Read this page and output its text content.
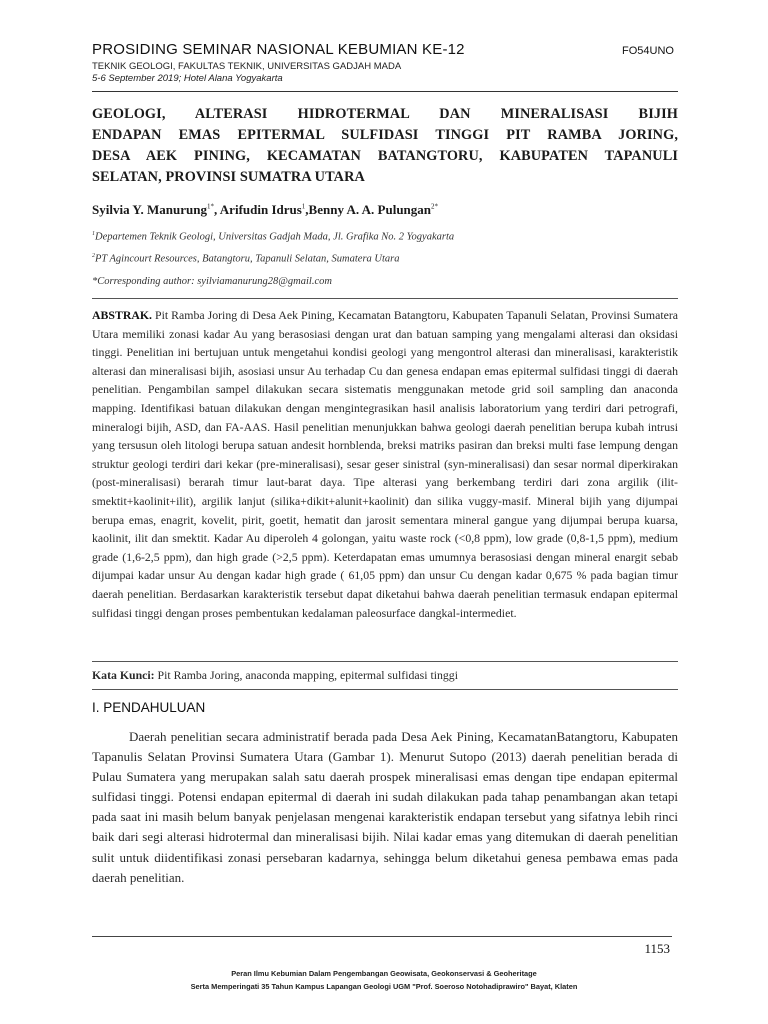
PROSIDING SEMINAR NASIONAL KEBUMIAN KE-12	FO54UNO
TEKNIK GEOLOGI, FAKULTAS TEKNIK, UNIVERSITAS GADJAH MADA
5-6 September 2019; Hotel Alana Yogyakarta
GEOLOGI, ALTERASI HIDROTERMAL DAN MINERALISASI BIJIH
ENDAPAN EMAS EPITERMAL SULFIDASI TINGGI PIT RAMBA JORING,
DESA AEK PINING, KECAMATAN BATANGTORU, KABUPATEN TAPANULI
SELATAN, PROVINSI SUMATRA UTARA
Syilvia Y. Manurung$^{1*}$, Arifudin Idrus$^1$,Benny A. A. Pulungan$^{2*}$
$^1$Departemen Teknik Geologi, Universitas Gadjah Mada, Jl. Grafika No. 2 Yogyakarta
$^2$PT Agincourt Resources, Batangtoru, Tapanuli Selatan, Sumatera Utara
*Corresponding author: syilviamanurung28@gmail.com
ABSTRAK. Pit Ramba Joring di Desa Aek Pining, Kecamatan Batangtoru, Kabupaten Tapanuli Selatan, Provinsi Sumatera Utara memiliki zonasi kadar Au yang berasosiasi dengan urat dan batuan samping yang mengalami alterasi dan oksidasi tinggi. Penelitian ini bertujuan untuk mengetahui kondisi geologi yang mengontrol alterasi dan mineralisasi, karakteristik alterasi dan mineralisasi bijih, asosiasi unsur Au terhadap Cu dan genesa endapan emas epitermal sulfidasi tinggi di daerah penelitian. Pengambilan sampel dilakukan secara sistematis menggunakan metode grid soil sampling dan anaconda mapping. Identifikasi batuan dilakukan dengan mengintegrasikan hasil analisis laboratorium yang terdiri dari petrografi, mineralogi bijih, ASD, dan FA-AAS. Hasil penelitian menunjukkan bahwa geologi daerah penelitian berupa kubah intrusi yang tersusun oleh litologi berupa satuan andesit hornblenda, breksi matriks pasiran dan breksi multi fase lempung dengan struktur geologi terdiri dari kekar (pre-mineralisasi), sesar geser sinistral (syn-mineralisasi) dan sesar normal diperkirakan (post-mineralisasi) berarah timur laut-barat daya. Tipe alterasi yang berkembang terdiri dari zona argilik (ilit-smektit+kaolinit+ilit), argilik lanjut (silika+dikit+alunit+kaolinit) dan silika vuggy-masif. Mineral bijih yang dijumpai berupa emas, enagrit, kovelit, pirit, goetit, hematit dan jarosit sementara mineral gangue yang dijumpai berupa kuarsa, kaolinit, ilit dan smektit. Kadar Au diperoleh 4 golongan, yaitu waste rock (<0,8 ppm), low grade (0,8-1,5 ppm), medium grade (1,6-2,5 ppm), dan high grade (>2,5 ppm). Keterdapatan emas umumnya berasosiasi dengan mineral enargit sebab dijumpai kadar unsur Au dengan kadar high grade ( 61,05 ppm) dan unsur Cu dengan kadar 0,675 % pada bagian timur daerah penelitian. Berdasarkan karakteristik tersebut dapat diketahui bahwa daerah penelitian termasuk endapan epitermal sulfidasi tinggi dengan proses pembentukan kedalaman paleosurface dangkal-intermediet.
Kata Kunci: Pit Ramba Joring, anaconda mapping, epitermal sulfidasi tinggi
I. PENDAHULUAN
Daerah penelitian secara administratif berada pada Desa Aek Pining, KecamatanBatangtoru, Kabupaten Tapanulis Selatan Provinsi Sumatera Utara (Gambar 1). Menurut Sutopo (2013) daerah penelitian berada di Pulau Sumatera yang merupakan salah satu daerah prospek mineralisasi emas dengan tipe endapan epitermal sulfidasi tinggi. Potensi endapan epitermal di daerah ini sudah dilakukan pada tahap penambangan akan tetapi pada saat ini masih belum banyak penjelasan mengenai karakteristik endapan tersebut yang sifatnya lebih rinci baik dari segi alterasi hidrotermal dan mineralisasi bijih. Nilai kadar emas yang ditemukan di daerah penelitian sulit untuk diidentifikasi zonasi persebaran kadarnya, sehingga belum diketahui genesa pembawa emas pada daerah penelitian.
1153
Peran Ilmu Kebumian Dalam Pengembangan Geowisata, Geokonservasi & Geoheritage
Serta Memperingati 35 Tahun Kampus Lapangan Geologi UGM "Prof. Soeroso Notohadiprawiro" Bayat, Klaten
